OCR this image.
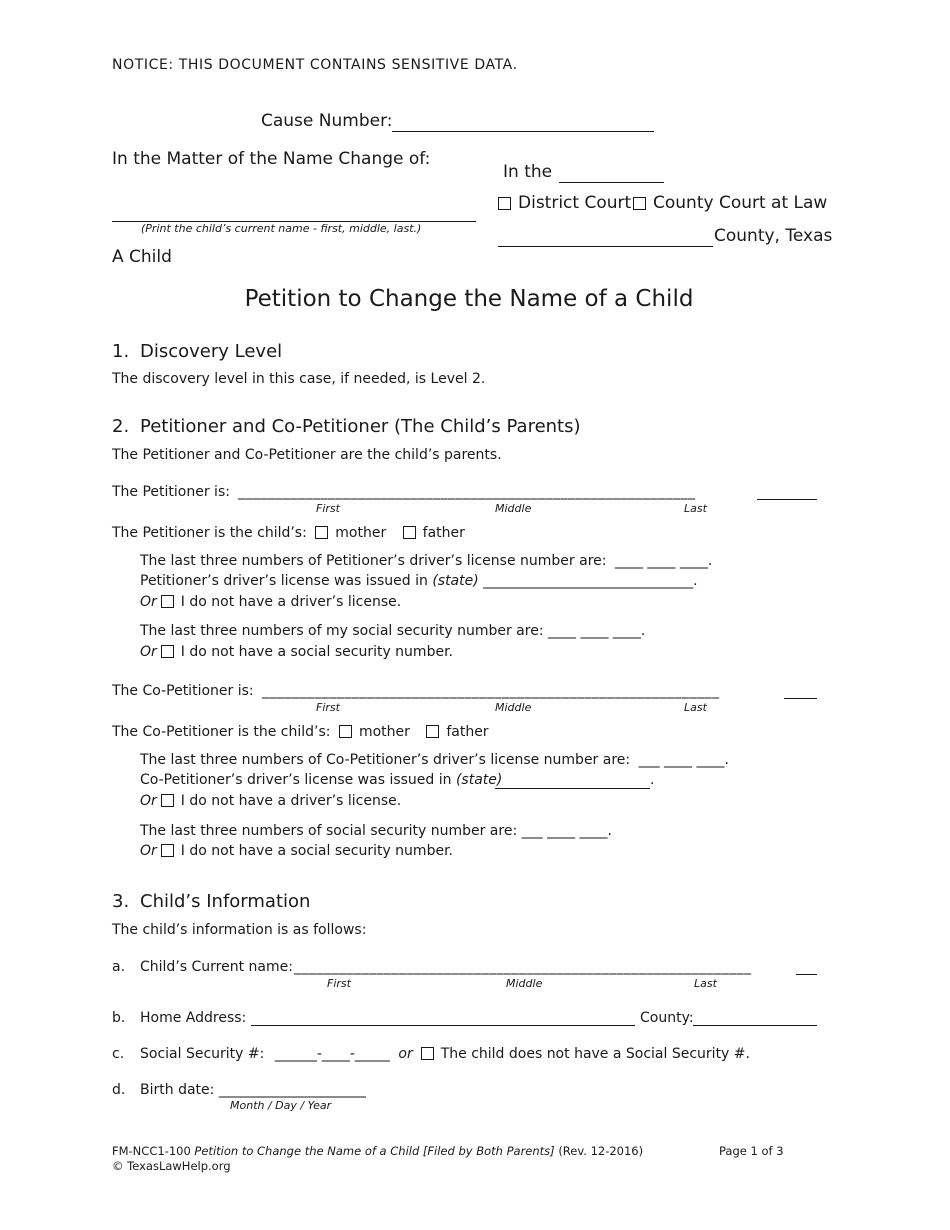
NOTICE: THIS DOCUMENT CONTAINS SENSITIVE DATA.
Cause Number:
In the Matter of the Name Change of:
(Print the child’s current name - first, middle, last.)
A Child
In the
District Court	County Court at Law
County, Texas
Petition to Change the Name of a Child
1. Discovery Level
The discovery level in this case, if needed, is Level 2.
2. Petitioner and Co-Petitioner (The Child’s Parents)
The Petitioner and Co-Petitioner are the child’s parents.
The Petitioner is: _____________________________________________________________
First	Middle	Last
The Petitioner is the child’s: mother	father
The last three numbers of Petitioner’s driver’s license number are: ____ ____ ____.
Petitioner’s driver’s license was issued in (state) ______________________________.
Or I do not have a driver’s license.
The last three numbers of my social security number are: ____ ____ ____.
Or I do not have a social security number.
The Co-Petitioner is: _____________________________________________________________
First	Middle	Last
The Co-Petitioner is the child’s: mother	father
The last three numbers of Co-Petitioner’s driver’s license number are: ___ ____ ____.
Co-Petitioner’s driver’s license was issued in (state)	.
Or I do not have a driver’s license.
The last three numbers of social security number are: ___ ____ ____.
Or I do not have a social security number.
3. Child’s Information
The child’s information is as follows:
a. Child’s Current name: _____________________________________________________________
First	Middle	Last
b. Home Address:	County:
c. Social Security #: ______-____-_____ or The child does not have a Social Security #.
d. Birth date: _____________________
Month / Day / Year
FM-NCC1-100 Petition to Change the Name of a Child [Filed by Both Parents] (Rev. 12-2016)
© TexasLawHelp.org
Page 1 of 3
